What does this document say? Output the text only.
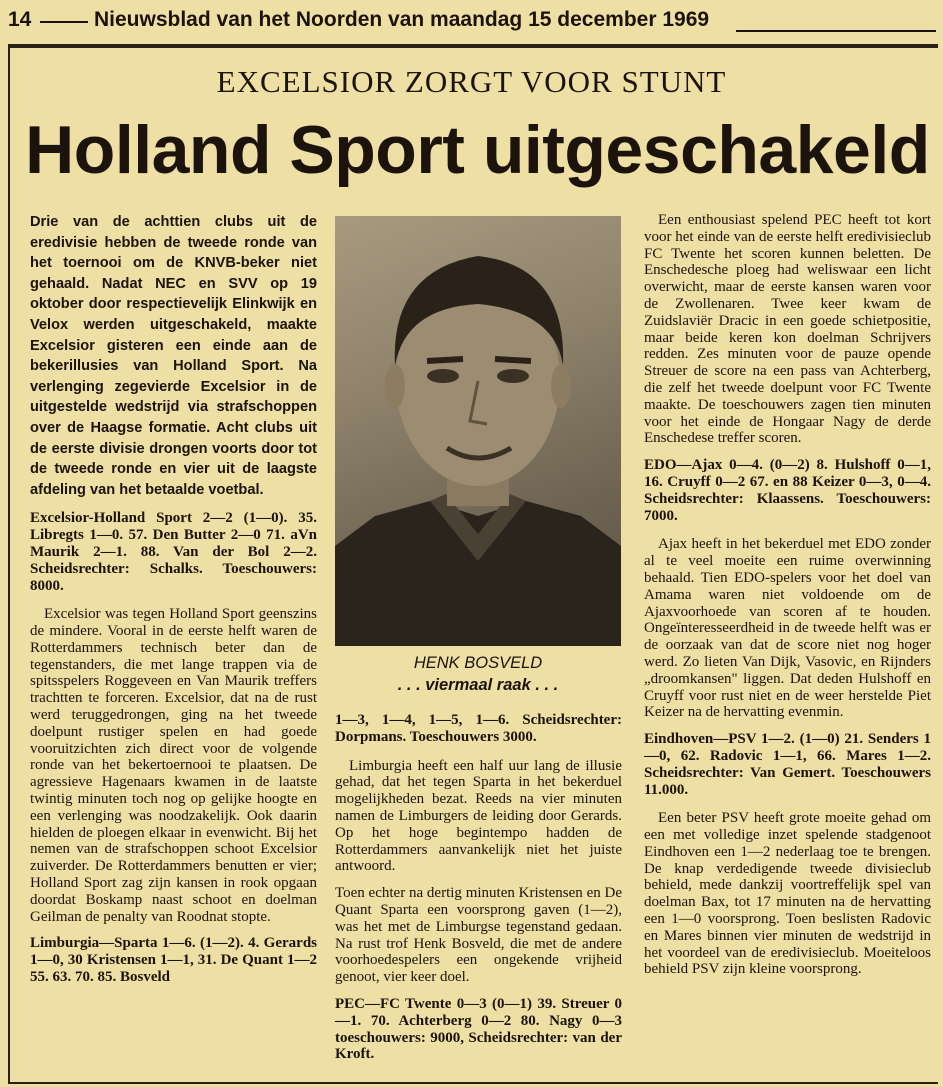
14	Nieuwsblad van het Noorden van maandag 15 december 1969
EXCELSIOR ZORGT VOOR STUNT
Holland Sport uitgeschakeld

Drie van de achttien clubs uit de eredivisie hebben de tweede ronde van het toernooi om de KNVB-beker niet gehaald. Nadat NEC en SVV op 19 oktober door respectievelijk Elinkwijk en Velox werden uitgeschakeld, maakte Excelsior gisteren een einde aan de bekerillusies van Holland Sport. Na verlenging zegevierde Excelsior in de uitgestelde wedstrijd via strafschoppen over de Haagse formatie. Acht clubs uit de eerste divisie drongen voorts door tot de tweede ronde en vier uit de laagste afdeling van het betaalde voetbal.

Excelsior-Holland Sport 2—2 (1—0). 35. Libregts 1—0. 57. Den Butter 2—0 71. aVn Maurik 2—1. 88. Van der Bol 2—2. Scheidsrechter: Schalks. Toeschouwers: 8000.

Excelsior was tegen Holland Sport geenszins de mindere. Vooral in de eerste helft waren de Rotterdammers technisch beter dan de tegenstanders, die met lange trappen via de spitsspelers Roggeveen en Van Maurik treffers trachtten te forceren. Excelsior, dat na de rust werd teruggedrongen, ging na het tweede doelpunt rustiger spelen en had goede vooruitzichten zich direct voor de volgende ronde van het bekertoernooi te plaatsen. De agressieve Hagenaars kwamen in de laatste twintig minuten toch nog op gelijke hoogte en een verlenging was noodzakelijk. Ook daarin hielden de ploegen elkaar in evenwicht. Bij het nemen van de strafschoppen schoot Excelsior zuiverder. De Rotterdammers benutten er vier; Holland Sport zag zijn kansen in rook opgaan doordat Boskamp naast schoot en doelman Geilman de penalty van Roodnat stopte.

Limburgia—Sparta 1—6. (1—2). 4. Gerards 1—0, 30 Kristensen 1—1, 31. De Quant 1—2 55. 63. 70. 85. Bosveld

HENK BOSVELD
. . . viermaal raak . . .

1—3, 1—4, 1—5, 1—6. Scheidsrechter: Dorpmans. Toeschouwers 3000.

Limburgia heeft een half uur lang de illusie gehad, dat het tegen Sparta in het bekerduel mogelijkheden bezat. Reeds na vier minuten namen de Limburgers de leiding door Gerards. Op het hoge begintempo hadden de Rotterdammers aanvankelijk niet het juiste antwoord.

Toen echter na dertig minuten Kristensen en De Quant Sparta een voorsprong gaven (1—2), was het met de Limburgse tegenstand gedaan. Na rust trof Henk Bosveld, die met de andere voorhoedespelers een ongekende vrijheid genoot, vier keer doel.

PEC—FC Twente 0—3 (0—1) 39. Streuer 0—1. 70. Achterberg 0—2 80. Nagy 0—3 toeschouwers: 9000, Scheidsrechter: van der Kroft.

Een enthousiast spelend PEC heeft tot kort voor het einde van de eerste helft eredivisieclub FC Twente het scoren kunnen beletten. De Enschedesche ploeg had weliswaar een licht overwicht, maar de eerste kansen waren voor de Zwollenaren. Twee keer kwam de Zuidslaviër Dracic in een goede schietpositie, maar beide keren kon doelman Schrijvers redden. Zes minuten voor de pauze opende Streuer de score na een pass van Achterberg, die zelf het tweede doelpunt voor FC Twente maakte. De toeschouwers zagen tien minuten voor het einde de Hongaar Nagy de derde Enschedese treffer scoren.

EDO—Ajax 0—4. (0—2) 8. Hulshoff 0—1, 16. Cruyff 0—2 67. en 88 Keizer 0—3, 0—4. Scheidsrechter: Klaassens. Toeschouwers: 7000.

Ajax heeft in het bekerduel met EDO zonder al te veel moeite een ruime overwinning behaald. Tien EDO-spelers voor het doel van Amama waren niet voldoende om de Ajaxvoorhoede van scoren af te houden. Ongeïnteresseerdheid in de tweede helft was er de oorzaak van dat de score niet nog hoger werd. Zo lieten Van Dijk, Vasovic, en Rijnders „droomkansen" liggen. Dat deden Hulshoff en Cruyff voor rust niet en de weer herstelde Piet Keizer na de hervatting evenmin.

Eindhoven—PSV 1—2. (1—0) 21. Senders 1—0, 62. Radovic 1—1, 66. Mares 1—2. Scheidsrechter: Van Gemert. Toeschouwers 11.000.

Een beter PSV heeft grote moeite gehad om een met volledige inzet spelende stadgenoot Eindhoven een 1—2 nederlaag toe te brengen. De knap verdedigende tweede divisieclub behield, mede dankzij voortreffelijk spel van doelman Bax, tot 17 minuten na de hervatting een 1—0 voorsprong. Toen beslisten Radovic en Mares binnen vier minuten de wedstrijd in het voordeel van de eredivisieclub. Moeiteloos behield PSV zijn kleine voorsprong.
